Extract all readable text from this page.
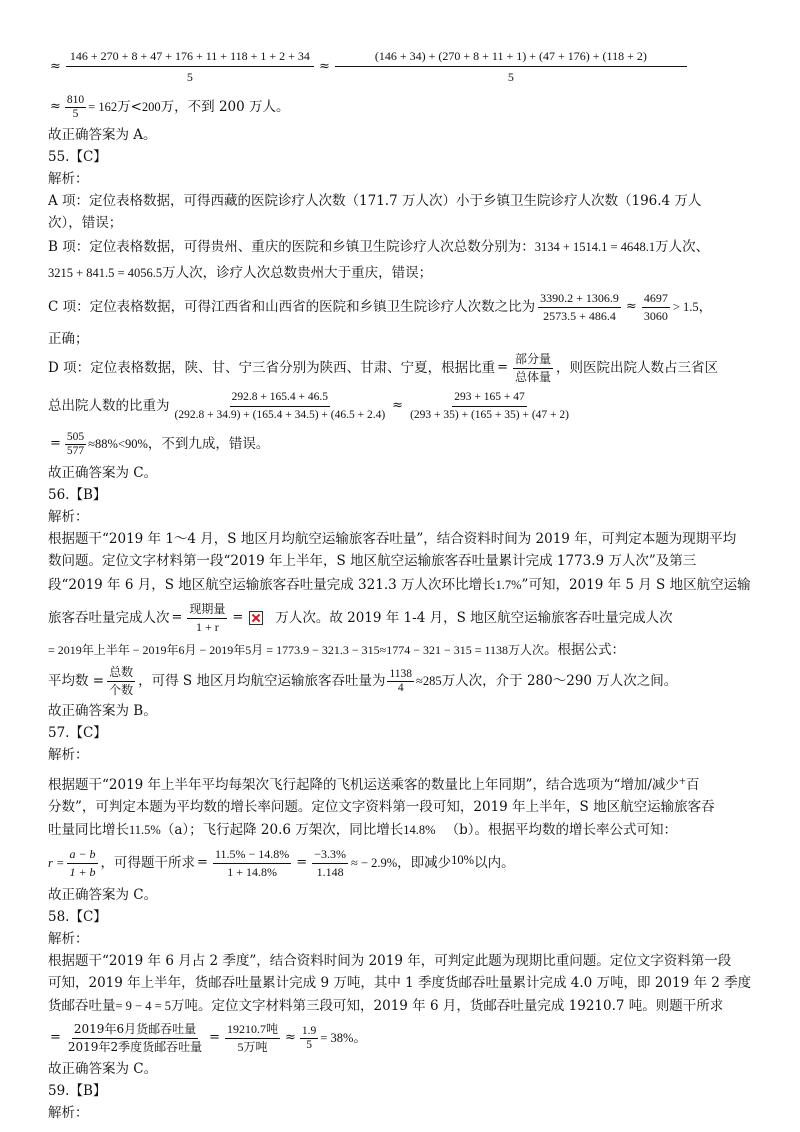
≈ $\frac{146 + 270 + 8 + 47 + 176 + 11 + 118 + 1 + 2 + 34}{5} \approx \frac{(146 + 34) + (270 + 8 + 11 + 1) + (47 + 176) + (118 + 2)}{5}$
≈ $\frac{810}{5} = 162$ 万< 200 万，不到 200 万人。
故正确答案为 A。
55.【C】
解析：
A 项：定位表格数据，可得西藏的医院诊疗人次数（171.7 万人次）小于乡镇卫生院诊疗人次数（196.4 万人
次），错误；
B 项：定位表格数据，可得贵州、重庆的医院和乡镇卫生院诊疗人次总数分别为： 3134 + 1514.1 = 4648.1 万人次、
3215 + 841.5 = 4056.5 万人次，诊疗人次总数贵州大于重庆，错误；
C 项：定位表格数据，可得江西省和山西省的医院和乡镇卫生院诊疗人次数之比为 $\frac{3390.2 + 1306.9}{2573.5 + 486.4} \approx \frac{4697}{3060} > 1.5$ ，
正确；
D 项：定位表格数据，陕、甘、宁三省分别为陕西、甘肃、宁夏，根据比重 = $\frac{\text{部分量}}{\text{总体量}}$ ，则医院出院人数占三省区
总出院人数的比重为 $\frac{292.8 + 165.4 + 46.5}{(292.8 + 34.9) + (165.4 + 34.5) + (46.5 + 2.4)} \approx \frac{293 + 165 + 47}{(293 + 35) + (165 + 35) + (47 + 2)}$
= $\frac{505}{577} \approx 88\%<90\%$ ，不到九成，错误。
故正确答案为 C。
56.【B】
解析：
根据题干“2019 年 1～4 月，S 地区月均航空运输旅客吞吐量”，结合资料时间为 2019 年，可判定本题为现期平均
数问题。定位文字材料第一段“2019 年上半年，S 地区航空运输旅客吞吐量累计完成 1773.9 万人次”及第三
段“2019 年 6 月，S 地区航空运输旅客吞吐量完成 321.3 万人次环比增长 1.7% ”可知，2019 年 5 月 S 地区航空运输
旅客吞吐量完成人次 = $\frac{\text{现期量}}{1 + r}$ = 万人次。故 2019 年 1-4 月，S 地区航空运输旅客吞吐量完成人次
= 2019年上半年 − 2019年6月 − 2019年5月 = 1773.9 − 321.3 − 315≈1774 − 321 − 315 = 1138万人次 。根据公式：
平均数 = $\frac{\text{总数}}{\text{个数}}$ ，可得 S 地区月均航空运输旅客吞吐量为 $\frac{1138}{4} \approx 285$ 万人次，介于 280～290 万人次之间。
故正确答案为 B。
57.【C】
解析：
根据题干“2019 年上半年平均每架次飞行起降的飞机运送乘客的数量比上年同期”，结合选项为“增加/减少 + 百
分数”，可判定本题为平均数的增长率问题。定位文字资料第一段可知，2019 年上半年，S 地区航空运输旅客吞
吐量同比增长 11.5% （a）；飞行起降 20.6 万架次，同比增长 14.8% （b）。根据平均数的增长率公式可知：
$r = \frac{a - b}{1 + b}$ ，可得题干所求 = $\frac{11.5\% - 14.8\%}{1 + 14.8\%} = \frac{-3.3\%}{1.148}$ ≈ − 2.9% ，即减少 10% 以内。
故正确答案为 C。
58.【C】
解析：
根据题干“2019 年 6 月占 2 季度”，结合资料时间为 2019 年，可判定此题为现期比重问题。定位文字资料第一段
可知，2019 年上半年，货邮吞吐量累计完成 9 万吨，其中 1 季度货邮吞吐量累计完成 4.0 万吨，即 2019 年 2 季度
货邮吞吐量 = 9 − 4 = 5 万吨。定位文字材料第三段可知，2019 年 6 月，货邮吞吐量完成 19210.7 吨。则题干所求
= $\frac{\text{2019年6月货邮吞吐量}}{\text{2019年2季度货邮吞吐量}} = \frac{\text{19210.7吨}}{\text{5万吨}} \approx \frac{1.9}{5} = 38\%$ 。
故正确答案为 C。
59.【B】
解析：
